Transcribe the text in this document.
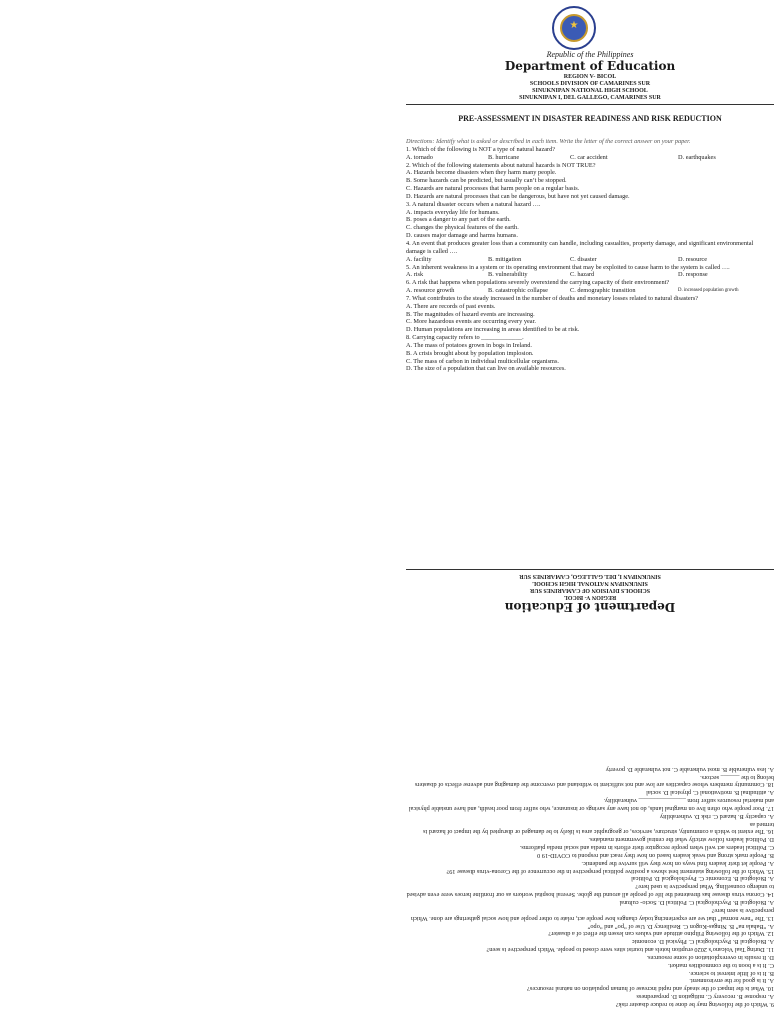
★
Republic of the Philippines
Department of Education
REGION V- BICOL
SCHOOLS DIVISION OF CAMARINES SUR
SINUKNIPAN NATIONAL HIGH SCHOOL
SINUKNIPAN I, DEL GALLEGO, CAMARINES SUR
PRE-ASSESSMENT IN DISASTER READINESS AND RISK REDUCTION
Directions: Identify what is asked or described in each item. Write the letter of the correct answer on your paper.
1. Which of the following is NOT a type of natural hazard?
A. tornado	B. hurricane	C. car accident	D. earthquakes
2. Which of the following statements about natural hazards is NOT TRUE?
A. Hazards become disasters when they harm many people.
B. Some hazards can be predicted, but usually can’t be stopped.
C. Hazards are natural processes that harm people on a regular basis.
D. Hazards are natural processes that can be dangerous, but have not yet caused damage.
3. A natural disaster occurs when a natural hazard ….
A. impacts everyday life for humans.
B. poses a danger to any part of the earth.
C. changes the physical features of the earth.
D. causes major damage and harms humans.
4. An event that produces greater loss than a community can handle, including casualties, property damage, and significant environmental damage is called ….
A. facility	B. mitigation	C. disaster	D. resource
5. An inherent weakness in a system or its operating environment that may be exploited to cause harm to the system is called ….
A. risk	B. vulnerability	C. hazard	D. response
6. A risk that happens when populations severely overextend the carrying capacity of their environment?
A. resource growth	B. catastrophic collapse	C. demographic transition	D. increased population growth
7. What contributes to the steady increased in the number of deaths and monetary losses related to natural disasters?
A. There are records of past events.
B. The magnitudes of hazard events are increasing.
C. More hazardous events are occurring every year.
D. Human populations are increasing in areas identified to be at risk.
8. Carrying capacity refers to _____________.
A. The mass of potatoes grown in bogs in Ireland.
B. A crisis brought about by population implosion.
C. The mass of carbon in individual multicellular organisms.
D. The size of a population that can live on available resources.
Department of Education
REGION V- BICOL
SCHOOLS DIVISION OF CAMARINES SUR
SINUKNIPAN NATIONAL HIGH SCHOOL
SINUKNIPAN I, DEL GALLEGO, CAMARINES SUR
9. Which of the following may be done to reduce disaster risk?
A. response B. recovery C. mitigation D. preparedness
10. What is the impact of the steady and rapid increase of human population on natural resources?
A. It is good for the environment.
B. It is of little interest to science.
C. It is a boon to the commodities market.
D. It results in overexploitation of some resources.
11. During Taal Volcano’s 2020 eruption hotels and tourist sites were closed to people. Which perspective is seen?
A. Biological B. Psychological C. Physical D. economic
12. Which of the following Filipino attitude and values can lessen the effect of a disaster?
A. “Bahala na” B. Ningas-Kugon C. Resiliency D. Use of “po” and “opo”
13. The “new normal” that we are experiencing today changes how people act, relate to other people and how social gatherings are done. Which perspective is seen here?
A. Biological B. Psychological C. Political D. Socio- cultural
14. Corona virus disease has threatened the life of people all around the globe. Several hospital workers as our frontline heroes were even advised to undergo counselling. What perspective is used here?
A. Biological B. Economic C. Psychological D. Political
15. Which of the following statement best shows a positive political perspective in the occurrence of the Corona-virus disease 19?
A. People let their leaders find ways on how they will survive the pandemic.
B. People mark strong and weak leaders based on how they react and respond to COVID-19 0
C. Political leaders act well when people recognize their efforts in media and social media platforms.
D. Political leaders follow strictly what the central government mandates.
16. The extent to which a community, structure, services, or geographic area is likely to be damaged or disrupted by the impact of hazard is termed as
A. capacity B. hazard C. risk D. vulnerability
17. Poor people who often live on marginal lands, do not have any savings or insurance, who suffer from poor health, and have unstable physical and material resources suffer from _______________ vulnerability.
A. attitudinal B. motivational C. physical D. social
18. Community members whose capacities are low and not sufficient to withstand and overcome the damaging and adverse effects of disasters belong to the ______ sectors.
A. less vulnerable B. most vulnerable C. not vulnerable D. poverty
